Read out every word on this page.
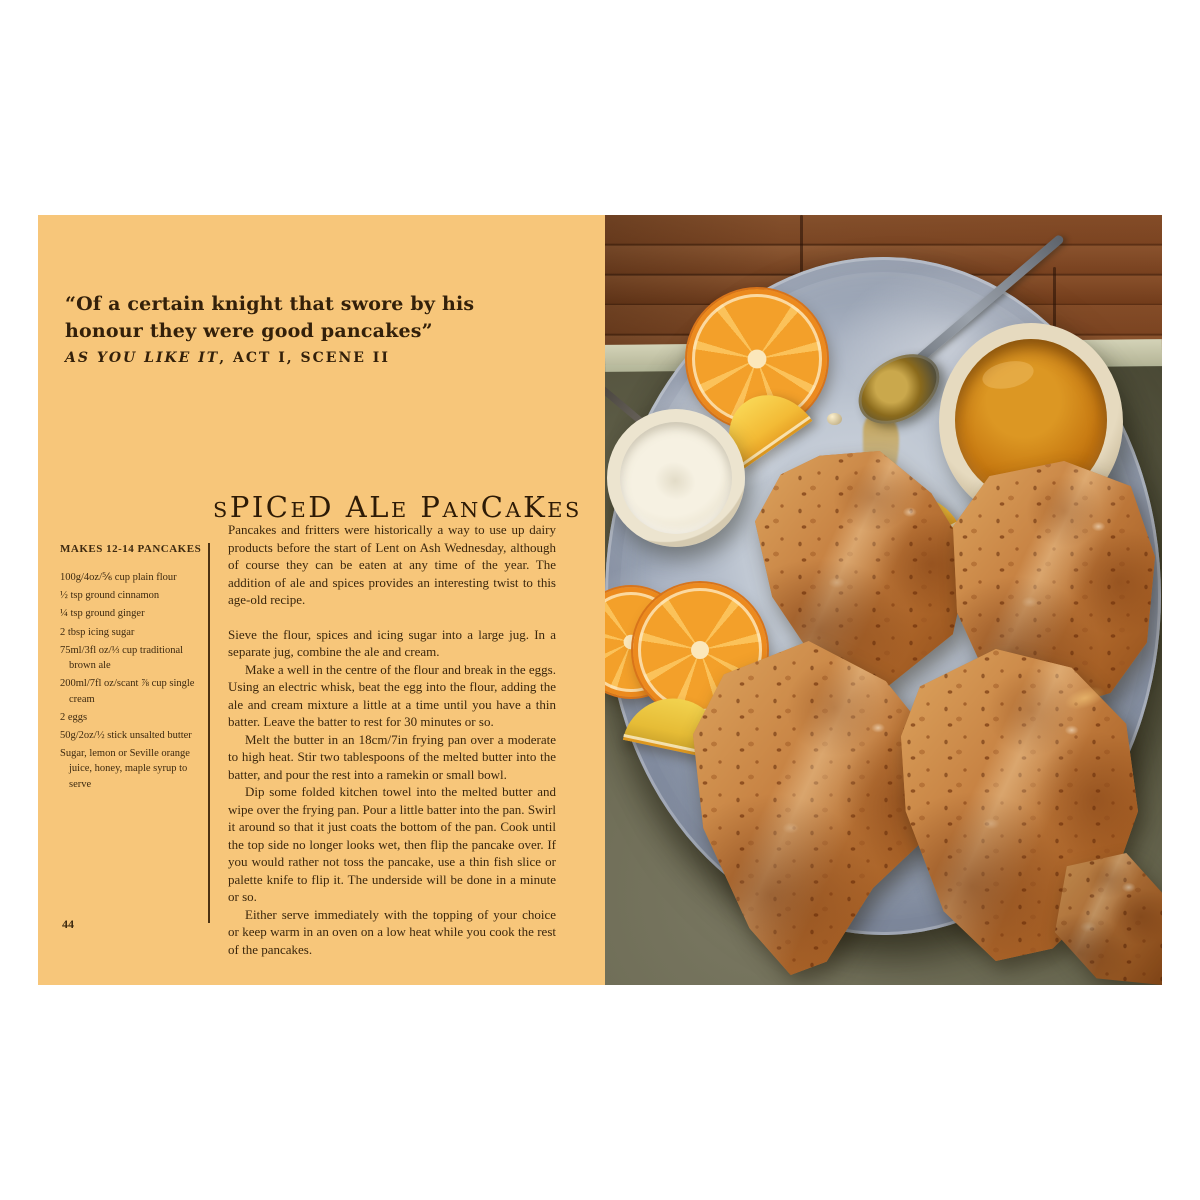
“Of a certain knight that swore by his
honour they were good pancakes”
AS YOU LIKE IT, ACT I, SCENE II
SPICED ALE PANCAKES

MAKES 12-14 PANCAKES

100g/4oz/⅚ cup plain flour
½ tsp ground cinnamon
¼ tsp ground ginger
2 tbsp icing sugar
75ml/3fl oz/⅓ cup traditional brown ale
200ml/7fl oz/scant ⅞ cup single cream
2 eggs
50g/2oz/½ stick unsalted butter
Sugar, lemon or Seville orange juice, honey, maple syrup to serve

Pancakes and fritters were historically a way to use up dairy products before the start of Lent on Ash Wednesday, although of course they can be eaten at any time of the year. The addition of ale and spices provides an interesting twist to this age-old recipe.

Sieve the flour, spices and icing sugar into a large jug. In a separate jug, combine the ale and cream.

Make a well in the centre of the flour and break in the eggs. Using an electric whisk, beat the egg into the flour, adding the ale and cream mixture a little at a time until you have a thin batter. Leave the batter to rest for 30 minutes or so.

Melt the butter in an 18cm/7in frying pan over a moderate to high heat. Stir two tablespoons of the melted butter into the batter, and pour the rest into a ramekin or small bowl.

Dip some folded kitchen towel into the melted butter and wipe over the frying pan. Pour a little batter into the pan. Swirl it around so that it just coats the bottom of the pan. Cook until the top side no longer looks wet, then flip the pancake over. If you would rather not toss the pancake, use a thin fish slice or palette knife to flip it. The underside will be done in a minute or so.

Either serve immediately with the topping of your choice or keep warm in an oven on a low heat while you cook the rest of the pancakes.

44
